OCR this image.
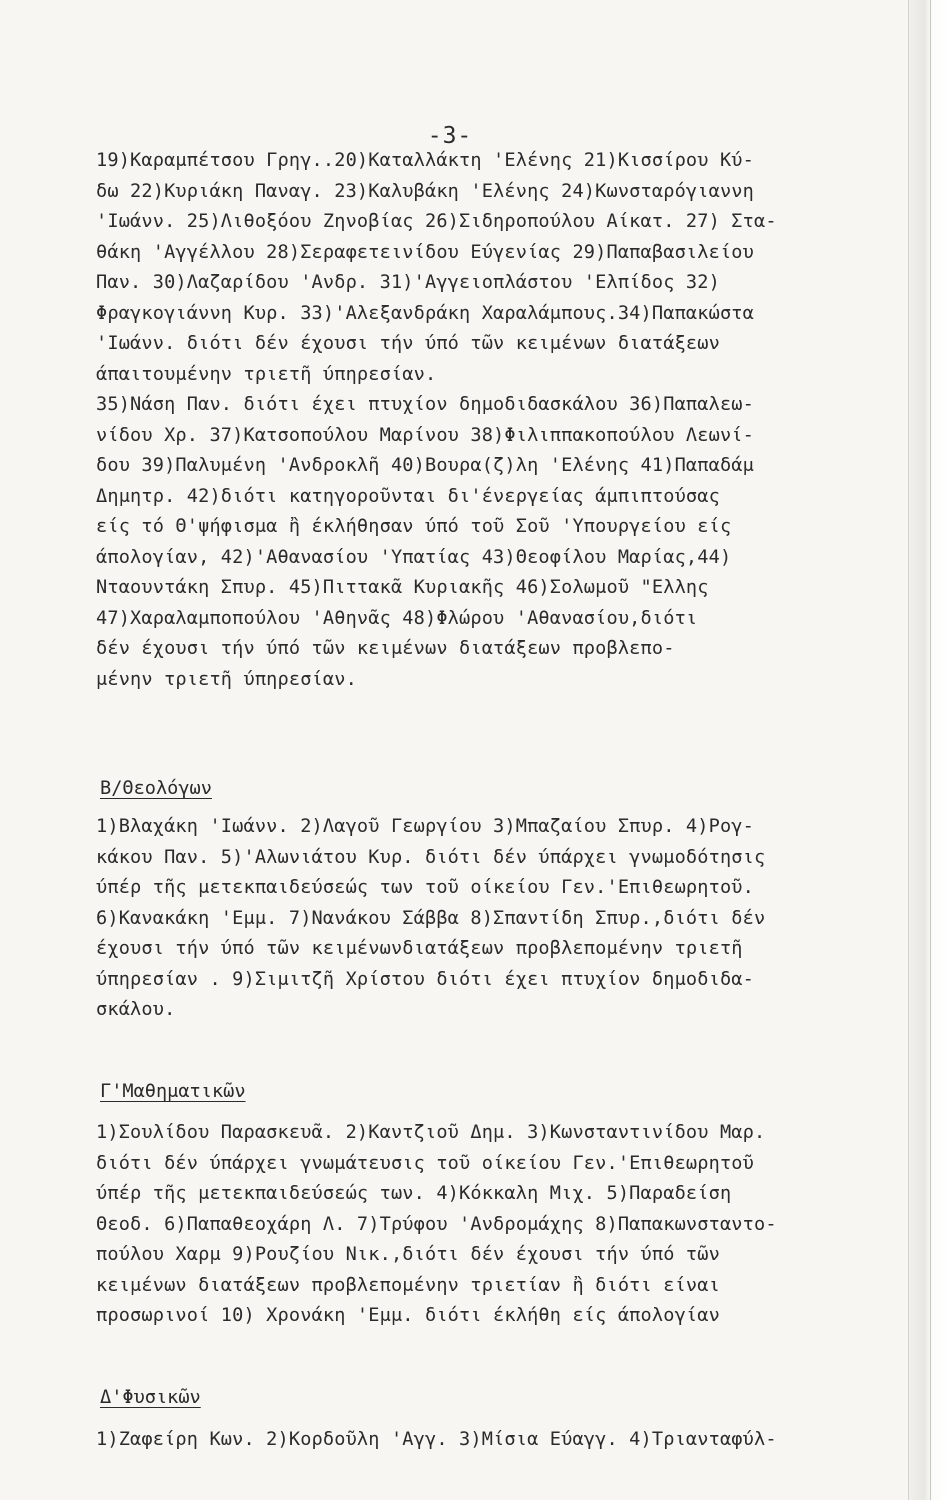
-3-
19)Καραμπέτσου Γρηγ..20)Καταλλάκτη 'Ελένης 21)Κισσίρου Κύ-
δω 22)Κυριάκη Παναγ. 23)Καλυβάκη 'Ελένης 24)Κωνσταρόγιαννη
'Ιωάνν. 25)Λιθοξόου Ζηνοβίας 26)Σιδηροπούλου Αίκατ. 27) Στα-
θάκη 'Αγγέλλου 28)Σεραφετεινίδου Εύγενίας 29)Παπαβασιλείου
Παν. 30)Λαζαρίδου 'Ανδρ. 31)'Αγγειοπλάστου 'Ελπίδος 32)
Φραγκογιάννη Κυρ. 33)'Αλεξανδράκη Χαραλάμπους.34)Παπακώστα
'Ιωάνν. διότι δέν έχουσι τήν ύπό τῶν κειμένων διατάξεων
άπαιτουμένην τριετῆ ύπηρεσίαν.
35)Νάση Παν. διότι έχει πτυχίον δημοδιδασκάλου 36)Παπαλεω-
νίδου Χρ. 37)Κατσοπούλου Μαρίνου 38)Φιλιππακοπούλου Λεωνί-
δου 39)Παλυμένη 'Ανδροκλῆ 40)Βουρα(ζ)λη 'Ελένης 41)Παπαδάμ
Δημητρ. 42)διότι κατηγοροῦνται δι'ένεργείας άμπιπτούσας
είς τό Θ'ψήφισμα ἢ έκλήθησαν ύπό τοῦ Σοῦ 'Υπουργείου είς
άπολογίαν, 42)'Αθανασίου 'Υπατίας 43)Θεοφίλου Μαρίας,44)
Νταουντάκη Σπυρ. 45)Πιττακᾶ Κυριακῆς 46)Σολωμοῦ "Ελλης
47)Χαραλαμποπούλου 'Αθηνᾶς 48)Φλώρου 'Αθανασίου,διότι
δέν έχουσι τήν ύπό τῶν κειμένων διατάξεων προβλεπο-
μένην τριετῆ ύπηρεσίαν.
Β/Θεολόγων
1)Βλαχάκη 'Ιωάνν. 2)Λαγοῦ Γεωργίου 3)Μπαζαίου Σπυρ. 4)Ρογ-
κάκου Παν. 5)'Αλωνιάτου Κυρ. διότι δέν ύπάρχει γνωμοδότησις
ύπέρ τῆς μετεκπαιδεύσεώς των τοῦ οίκείου Γεν.'Επιθεωρητοῦ.
6)Κανακάκη 'Εμμ. 7)Νανάκου Σάββα 8)Σπαντίδη Σπυρ.,διότι δέν
έχουσι τήν ύπό τῶν κειμένωνδιατάξεων προβλεπομένην τριετῆ
ύπηρεσίαν . 9)Σιμιτζῆ Χρίστου διότι έχει πτυχίον δημοδιδα-
σκάλου.
Γ'Μαθηματικῶν
1)Σουλίδου Παρασκευᾶ. 2)Καντζιοῦ Δημ. 3)Κωνσταντινίδου Μαρ.
διότι δέν ύπάρχει γνωμάτευσις τοῦ οίκείου Γεν.'Επιθεωρητοῦ
ύπέρ τῆς μετεκπαιδεύσεώς των. 4)Κόκκαλη Μιχ. 5)Παραδείση
Θεοδ. 6)Παπαθεοχάρη Λ. 7)Τρύφου 'Ανδρομάχης 8)Παπακωνσταντο-
πούλου Χαρμ 9)Ρουζίου Νικ.,διότι δέν έχουσι τήν ύπό τῶν
κειμένων διατάξεων προβλεπομένην τριετίαν ἢ διότι είναι
προσωρινοί 10) Χρονάκη 'Εμμ. διότι έκλήθη είς άπολογίαν
Δ'Φυσικῶν
1)Ζαφείρη Κων. 2)Κορδοῦλη 'Αγγ. 3)Μίσια Εύαγγ. 4)Τριανταφύλ-
